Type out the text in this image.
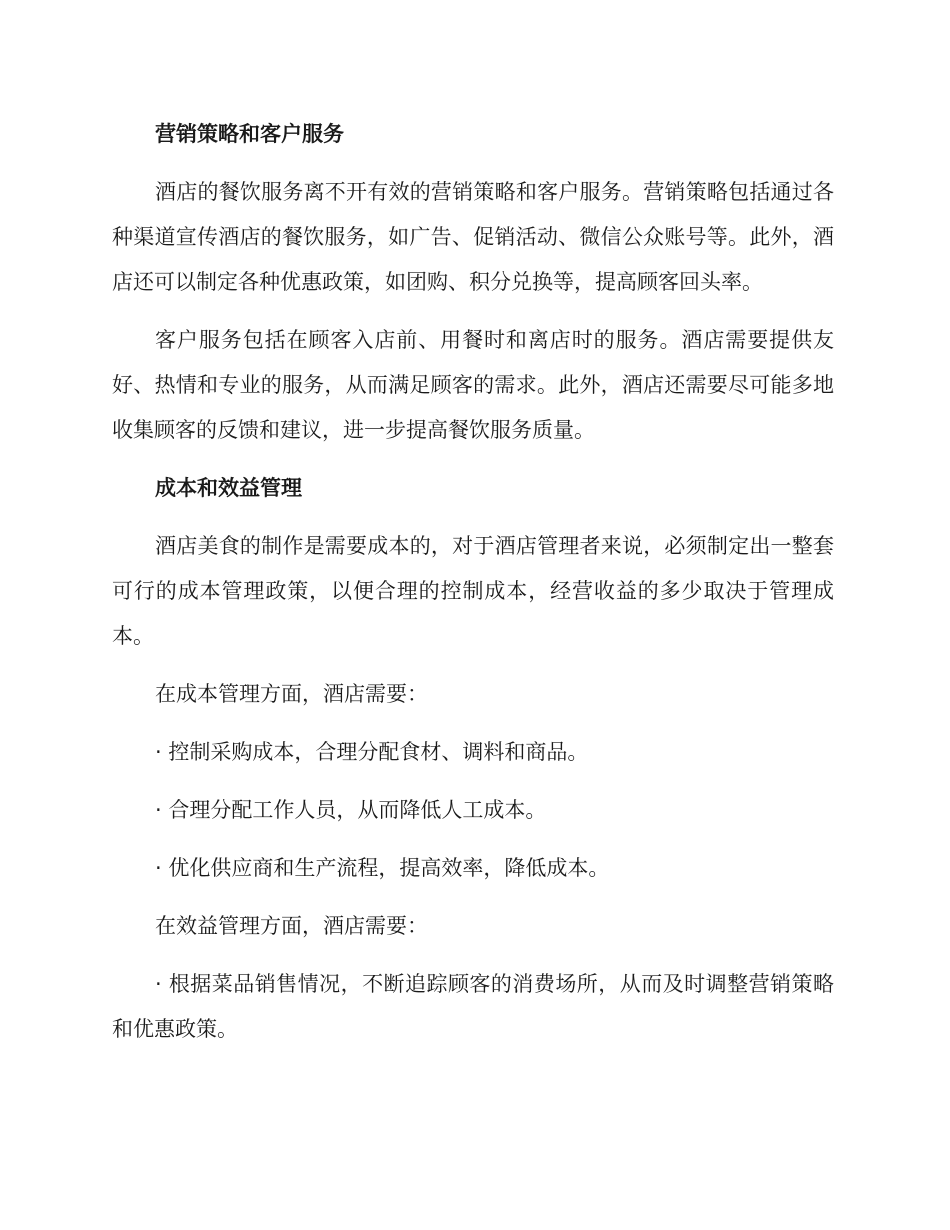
营销策略和客户服务

酒店的餐饮服务离不开有效的营销策略和客户服务。营销策略包括通过各种渠道宣传酒店的餐饮服务，如广告、促销活动、微信公众账号等。此外，酒店还可以制定各种优惠政策，如团购、积分兑换等，提高顾客回头率。

客户服务包括在顾客入店前、用餐时和离店时的服务。酒店需要提供友好、热情和专业的服务，从而满足顾客的需求。此外，酒店还需要尽可能多地收集顾客的反馈和建议，进一步提高餐饮服务质量。

成本和效益管理

酒店美食的制作是需要成本的，对于酒店管理者来说，必须制定出一整套可行的成本管理政策，以便合理的控制成本，经营收益的多少取决于管理成本。

在成本管理方面，酒店需要：

· 控制采购成本，合理分配食材、调料和商品。

· 合理分配工作人员，从而降低人工成本。

· 优化供应商和生产流程，提高效率，降低成本。

在效益管理方面，酒店需要：

· 根据菜品销售情况，不断追踪顾客的消费场所，从而及时调整营销策略和优惠政策。
